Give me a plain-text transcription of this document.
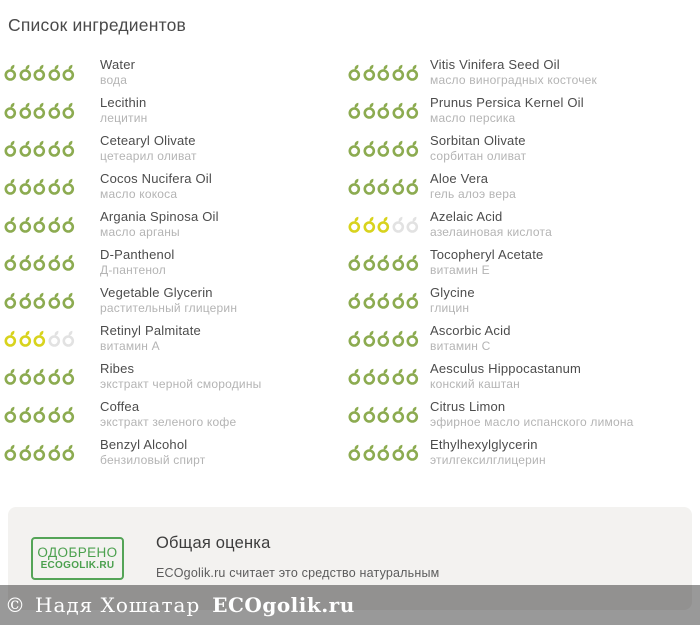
Список ингредиентов
Water
вода
Lecithin
лецитин
Cetearyl Olivate
цетеарил оливат
Cocos Nucifera Oil
масло кокоса
Argania Spinosa Oil
масло арганы
D-Panthenol
Д-пантенол
Vegetable Glycerin
растительный глицерин
Retinyl Palmitate
витамин А
Ribes
экстракт черной смородины
Coffea
экстракт зеленого кофе
Benzyl Alcohol
бензиловый спирт
Vitis Vinifera Seed Oil
масло виноградных косточек
Prunus Persica Kernel Oil
масло персика
Sorbitan Olivate
сорбитан оливат
Aloe Vera
гель алоэ вера
Azelaic Acid
азелаиновая кислота
Tocopheryl Acetate
витамин Е
Glycine
глицин
Ascorbic Acid
витамин С
Aesculus Hippocastanum
конский каштан
Citrus Limon
эфирное масло испанского лимона
Ethylhexylglycerin
этилгексилглицерин
ОДОБРЕНО
ECOGOLIK.RU
Общая оценка
ECOgolik.ru считает это средство натуральным
© Надя Хошатар ECOgolik.ru
